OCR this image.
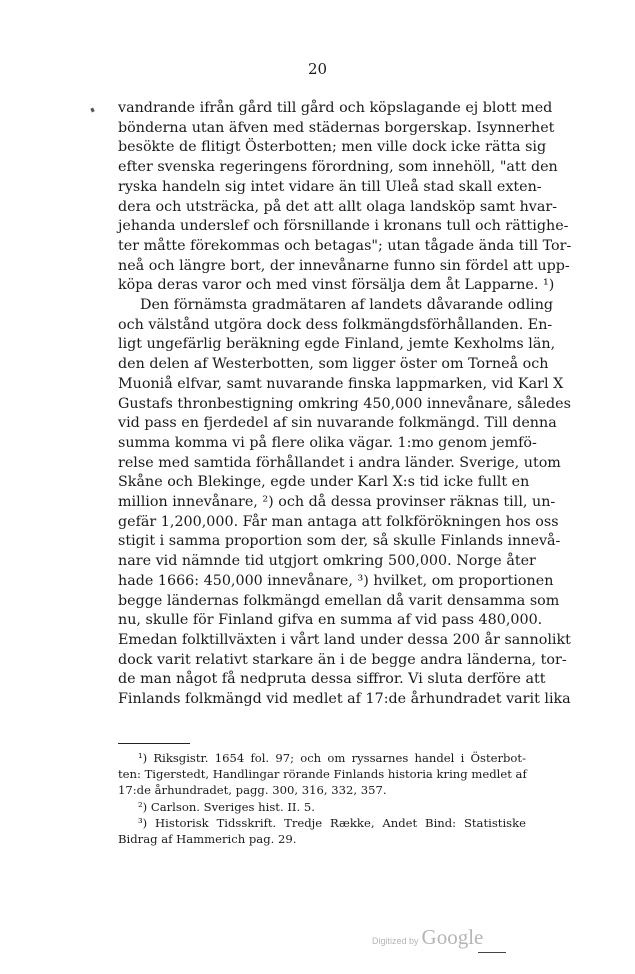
20
vandrande ifrån gård till gård och köpslagande ej blott med
bönderna utan äfven med städernas borgerskap. Isynnerhet
besökte de flitigt Österbotten; men ville dock icke rätta sig
efter svenska regeringens förordning, som innehöll, "att den
ryska handeln sig intet vidare än till Uleå stad skall exten-
dera och utsträcka, på det att allt olaga landsköp samt hvar-
jehanda underslef och försnillande i kronans tull och rättighe-
ter måtte förekommas och betagas"; utan tågade ända till Tor-
neå och längre bort, der innevånarne funno sin fördel att upp-
köpa deras varor och med vinst försälja dem åt Lapparne. ¹)
Den förnämsta gradmätaren af landets dåvarande odling
och välstånd utgöra dock dess folkmängdsförhållanden. En-
ligt ungefärlig beräkning egde Finland, jemte Kexholms län,
den delen af Westerbotten, som ligger öster om Torneå och
Muoniå elfvar, samt nuvarande finska lappmarken, vid Karl X
Gustafs thronbestigning omkring 450,000 innevånare, således
vid pass en fjerdedel af sin nuvarande folkmängd. Till denna
summa komma vi på flere olika vägar. 1:mo genom jemfö-
relse med samtida förhållandet i andra länder. Sverige, utom
Skåne och Blekinge, egde under Karl X:s tid icke fullt en
million innevånare, ²) och då dessa provinser räknas till, un-
gefär 1,200,000. Får man antaga att folkförökningen hos oss
stigit i samma proportion som der, så skulle Finlands innevå-
nare vid nämnde tid utgjort omkring 500,000. Norge åter
hade 1666: 450,000 innevånare, ³) hvilket, om proportionen
begge ländernas folkmängd emellan då varit densamma som
nu, skulle för Finland gifva en summa af vid pass 480,000.
Emedan folktillväxten i vårt land under dessa 200 år sannolikt
dock varit relativt starkare än i de begge andra länderna, tor-
de man något få nedpruta dessa siffror. Vi sluta derföre att
Finlands folkmängd vid medlet af 17:de århundradet varit lika
¹) Riksgistr. 1654 fol. 97; och om ryssarnes handel i Österbot-
ten: Tigerstedt, Handlingar rörande Finlands historia kring medlet af
17:de århundradet, pagg. 300, 316, 332, 357.
²) Carlson. Sveriges hist. II. 5.
³) Historisk Tidsskrift. Tredje Række, Andet Bind: Statistiske
Bidrag af Hammerich pag. 29.
Digitized by Google
